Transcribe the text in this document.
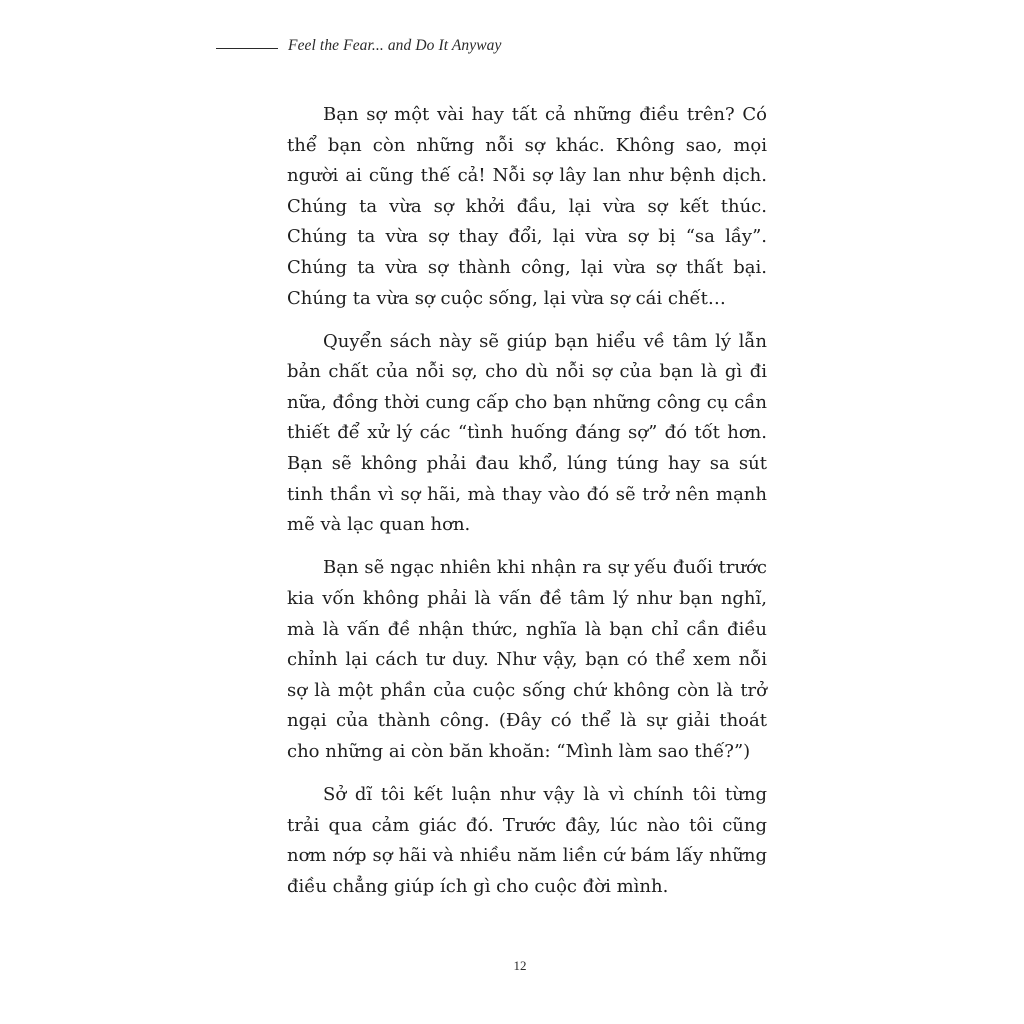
Feel the Fear... and Do It Anyway

Bạn sợ một vài hay tất cả những điều trên? Có thể bạn còn những nỗi sợ khác. Không sao, mọi người ai cũng thế cả! Nỗi sợ lây lan như bệnh dịch. Chúng ta vừa sợ khởi đầu, lại vừa sợ kết thúc. Chúng ta vừa sợ thay đổi, lại vừa sợ bị “sa lầy”. Chúng ta vừa sợ thành công, lại vừa sợ thất bại. Chúng ta vừa sợ cuộc sống, lại vừa sợ cái chết…

Quyển sách này sẽ giúp bạn hiểu về tâm lý lẫn bản chất của nỗi sợ, cho dù nỗi sợ của bạn là gì đi nữa, đồng thời cung cấp cho bạn những công cụ cần thiết để xử lý các “tình huống đáng sợ” đó tốt hơn. Bạn sẽ không phải đau khổ, lúng túng hay sa sút tinh thần vì sợ hãi, mà thay vào đó sẽ trở nên mạnh mẽ và lạc quan hơn.

Bạn sẽ ngạc nhiên khi nhận ra sự yếu đuối trước kia vốn không phải là vấn đề tâm lý như bạn nghĩ, mà là vấn đề nhận thức, nghĩa là bạn chỉ cần điều chỉnh lại cách tư duy. Như vậy, bạn có thể xem nỗi sợ là một phần của cuộc sống chứ không còn là trở ngại của thành công. (Đây có thể là sự giải thoát cho những ai còn băn khoăn: “Mình làm sao thế?”)

Sở dĩ tôi kết luận như vậy là vì chính tôi từng trải qua cảm giác đó. Trước đây, lúc nào tôi cũng nơm nớp sợ hãi và nhiều năm liền cứ bám lấy những điều chẳng giúp ích gì cho cuộc đời mình.

12
